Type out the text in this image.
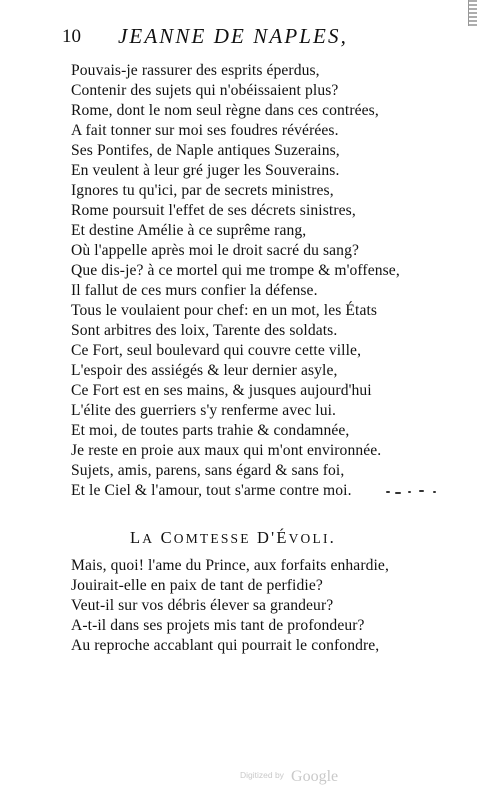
10 JEANNE DE NAPLES,
Pouvais-je rassurer des esprits éperdus,
Contenir des sujets qui n'obéissaient plus?
Rome, dont le nom seul règne dans ces contrées,
A fait tonner sur moi ses foudres révérées.
Ses Pontifes, de Naple antiques Suzerains,
En veulent à leur gré juger les Souverains.
Ignores tu qu'ici, par de secrets ministres,
Rome poursuit l'effet de ses décrets sinistres,
Et destine Amélie à ce suprême rang,
Où l'appelle après moi le droit sacré du sang?
Que dis-je? à ce mortel qui me trompe & m'offense,
Il fallut de ces murs confier la défense.
Tous le voulaient pour chef: en un mot, les États
Sont arbitres des loix, Tarente des soldats.
Ce Fort, seul boulevard qui couvre cette ville,
L'espoir des assiégés & leur dernier asyle,
Ce Fort est en ses mains, & jusques aujourd'hui
L'élite des guerriers s'y renferme avec lui.
Et moi, de toutes parts trahie & condamnée,
Je reste en proie aux maux qui m'ont environnée.
Sujets, amis, parens, sans égard & sans foi,
Et le Ciel & l'amour, tout s'arme contre moi.
LA COMTESSE D'ÉVOLI.
Mais, quoi! l'ame du Prince, aux forfaits enhardie,
Jouirait-elle en paix de tant de perfidie?
Veut-il sur vos débris élever sa grandeur?
A-t-il dans ses projets mis tant de profondeur?
Au reproche accablant qui pourrait le confondre,
Digitized by Google
